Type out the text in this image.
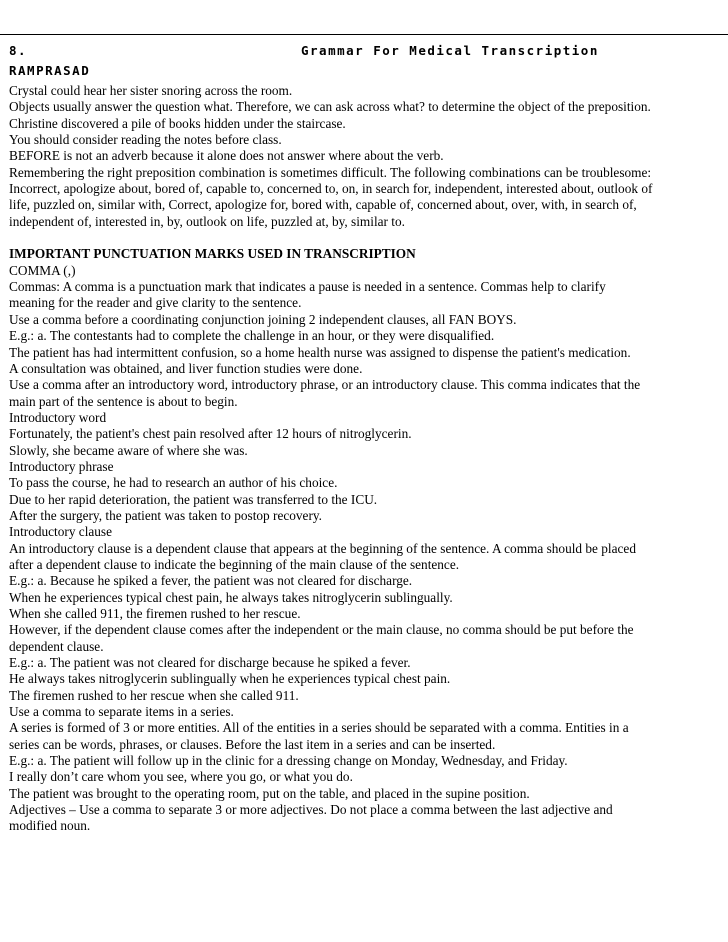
8.	Grammar For Medical Transcription
RAMPRASAD
Crystal could hear her sister snoring across the room.
Objects usually answer the question what. Therefore, we can ask across what? to determine the object of the preposition.
Christine discovered a pile of books hidden under the staircase.
You should consider reading the notes before class.
BEFORE is not an adverb because it alone does not answer where about the verb.
Remembering the right preposition combination is sometimes difficult. The following combinations can be troublesome:
Incorrect, apologize about, bored of, capable to, concerned to, on, in search for, independent, interested about, outlook of
life, puzzled on, similar with, Correct, apologize for, bored with, capable of, concerned about, over, with, in search of,
independent of, interested in, by, outlook on life, puzzled at, by, similar to.
IMPORTANT PUNCTUATION MARKS USED IN TRANSCRIPTION
COMMA (,)
Commas: A comma is a punctuation mark that indicates a pause is needed in a sentence. Commas help to clarify
meaning for the reader and give clarity to the sentence.
Use a comma before a coordinating conjunction joining 2 independent clauses, all FAN BOYS.
E.g.: a. The contestants had to complete the challenge in an hour, or they were disqualified.
The patient has had intermittent confusion, so a home health nurse was assigned to dispense the patient's medication.
A consultation was obtained, and liver function studies were done.
Use a comma after an introductory word, introductory phrase, or an introductory clause. This comma indicates that the
main part of the sentence is about to begin.
Introductory word
Fortunately, the patient's chest pain resolved after 12 hours of nitroglycerin.
Slowly, she became aware of where she was.
Introductory phrase
To pass the course, he had to research an author of his choice.
Due to her rapid deterioration, the patient was transferred to the ICU.
After the surgery, the patient was taken to postop recovery.
Introductory clause
An introductory clause is a dependent clause that appears at the beginning of the sentence. A comma should be placed
after a dependent clause to indicate the beginning of the main clause of the sentence.
E.g.: a. Because he spiked a fever, the patient was not cleared for discharge.
When he experiences typical chest pain, he always takes nitroglycerin sublingually.
When she called 911, the firemen rushed to her rescue.
However, if the dependent clause comes after the independent or the main clause, no comma should be put before the
dependent clause.
E.g.: a. The patient was not cleared for discharge because he spiked a fever.
He always takes nitroglycerin sublingually when he experiences typical chest pain.
The firemen rushed to her rescue when she called 911.
Use a comma to separate items in a series.
A series is formed of 3 or more entities. All of the entities in a series should be separated with a comma. Entities in a
series can be words, phrases, or clauses. Before the last item in a series and can be inserted.
E.g.: a. The patient will follow up in the clinic for a dressing change on Monday, Wednesday, and Friday.
I really don’t care whom you see, where you go, or what you do.
The patient was brought to the operating room, put on the table, and placed in the supine position.
Adjectives – Use a comma to separate 3 or more adjectives. Do not place a comma between the last adjective and
modified noun.
